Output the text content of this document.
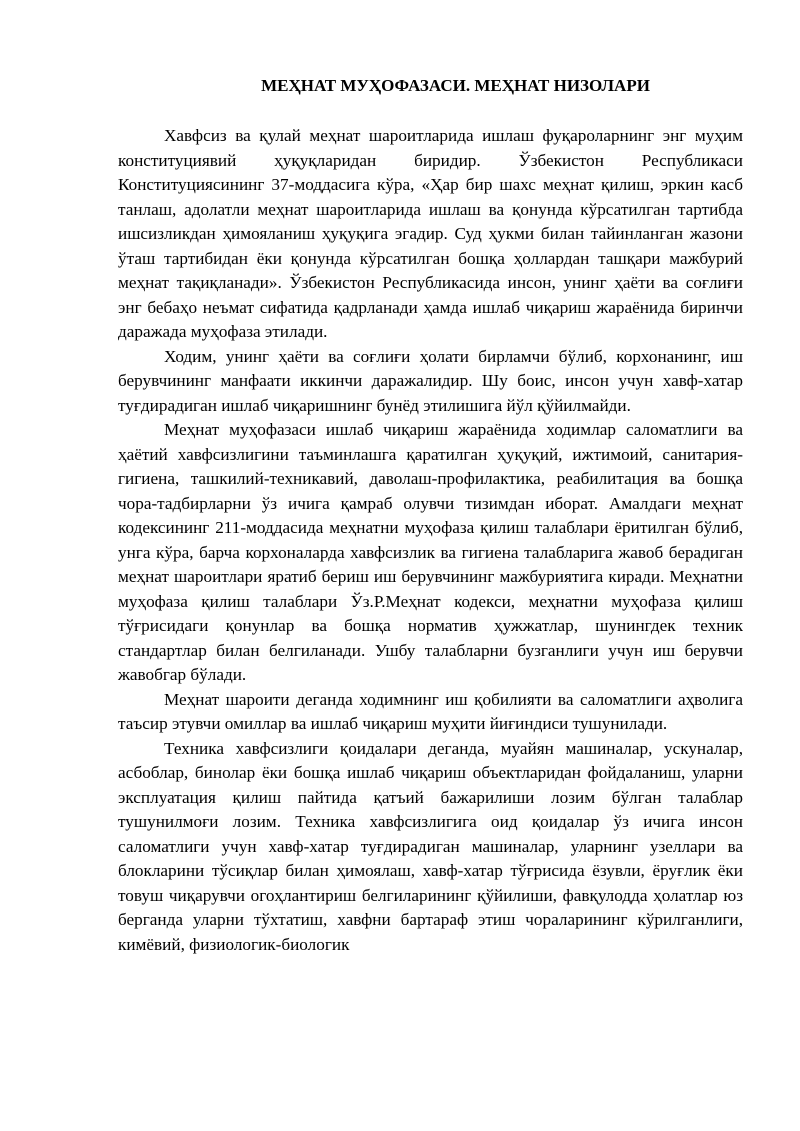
МЕҲНАТ МУҲОФАЗАСИ. МЕҲНАТ НИЗОЛАРИ

Хавфсиз ва қулай меҳнат шароитларида ишлаш фуқароларнинг энг муҳим конституциявий ҳуқуқларидан биридир. Ўзбекистон Республикаси Конституциясининг 37-моддасига кўра, «Ҳар бир шахс меҳнат қилиш, эркин касб танлаш, адолатли меҳнат шароитларида ишлаш ва қонунда кўрсатилган тартибда ишсизликдан ҳимояланиш ҳуқуқига эгадир. Суд ҳукми билан тайинланган жазони ўташ тартибидан ёки қонунда кўрсатилган бошқа ҳоллардан ташқари мажбурий меҳнат тақиқланади». Ўзбекистон Республикасида инсон, унинг ҳаёти ва соғлиғи энг бебаҳо неъмат сифатида қадрланади ҳамда ишлаб чиқариш жараёнида биринчи даражада муҳофаза этилади.

Ходим, унинг ҳаёти ва соғлиғи ҳолати бирламчи бўлиб, корхонанинг, иш берувчининг манфаати иккинчи даражалидир. Шу боис, инсон учун хавф-хатар туғдирадиган ишлаб чиқаришнинг бунёд этилишига йўл қўйилмайди.

Меҳнат муҳофазаси ишлаб чиқариш жараёнида ходимлар саломатлиги ва ҳаётий хавфсизлигини таъминлашга қаратилган ҳуқуқий, ижтимоий, санитария-гигиена, ташкилий-техникавий, даволаш-профилактика, реабилитация ва бошқа чора-тадбирларни ўз ичига қамраб олувчи тизимдан иборат. Амалдаги меҳнат кодексининг 211-моддасида меҳнатни муҳофаза қилиш талаблари ёритилган бўлиб, унга кўра, барча корхоналарда хавфсизлик ва гигиена талабларига жавоб берадиган меҳнат шароитлари яратиб бериш иш берувчининг мажбуриятига киради. Меҳнатни муҳофаза қилиш талаблари Ўз.Р.Меҳнат кодекси, меҳнатни муҳофаза қилиш тўғрисидаги қонунлар ва бошқа норматив ҳужжатлар, шунингдек техник стандартлар билан белгиланади. Ушбу талабларни бузганлиги учун иш берувчи жавобгар бўлади.

Меҳнат шароити деганда ходимнинг иш қобилияти ва саломатлиги аҳволига таъсир этувчи омиллар ва ишлаб чиқариш муҳити йиғиндиси тушунилади.

Техника хавфсизлиги қоидалари деганда, муайян машиналар, ускуналар, асбоблар, бинолар ёки бошқа ишлаб чиқариш объектларидан фойдаланиш, уларни эксплуатация қилиш пайтида қатъий бажарилиши лозим бўлган талаблар тушунилмоғи лозим. Техника хавфсизлигига оид қоидалар ўз ичига инсон саломатлиги учун хавф-хатар туғдирадиган машиналар, уларнинг узеллари ва блокларини тўсиқлар билан ҳимоялаш, хавф-хатар тўғрисида ёзувли, ёруғлик ёки товуш чиқарувчи огоҳлантириш белгиларининг қўйилиши, фавқулодда ҳолатлар юз берганда уларни тўхтатиш, хавфни бартараф этиш чораларининг кўрилганлиги, кимёвий, физиологик-биологик
